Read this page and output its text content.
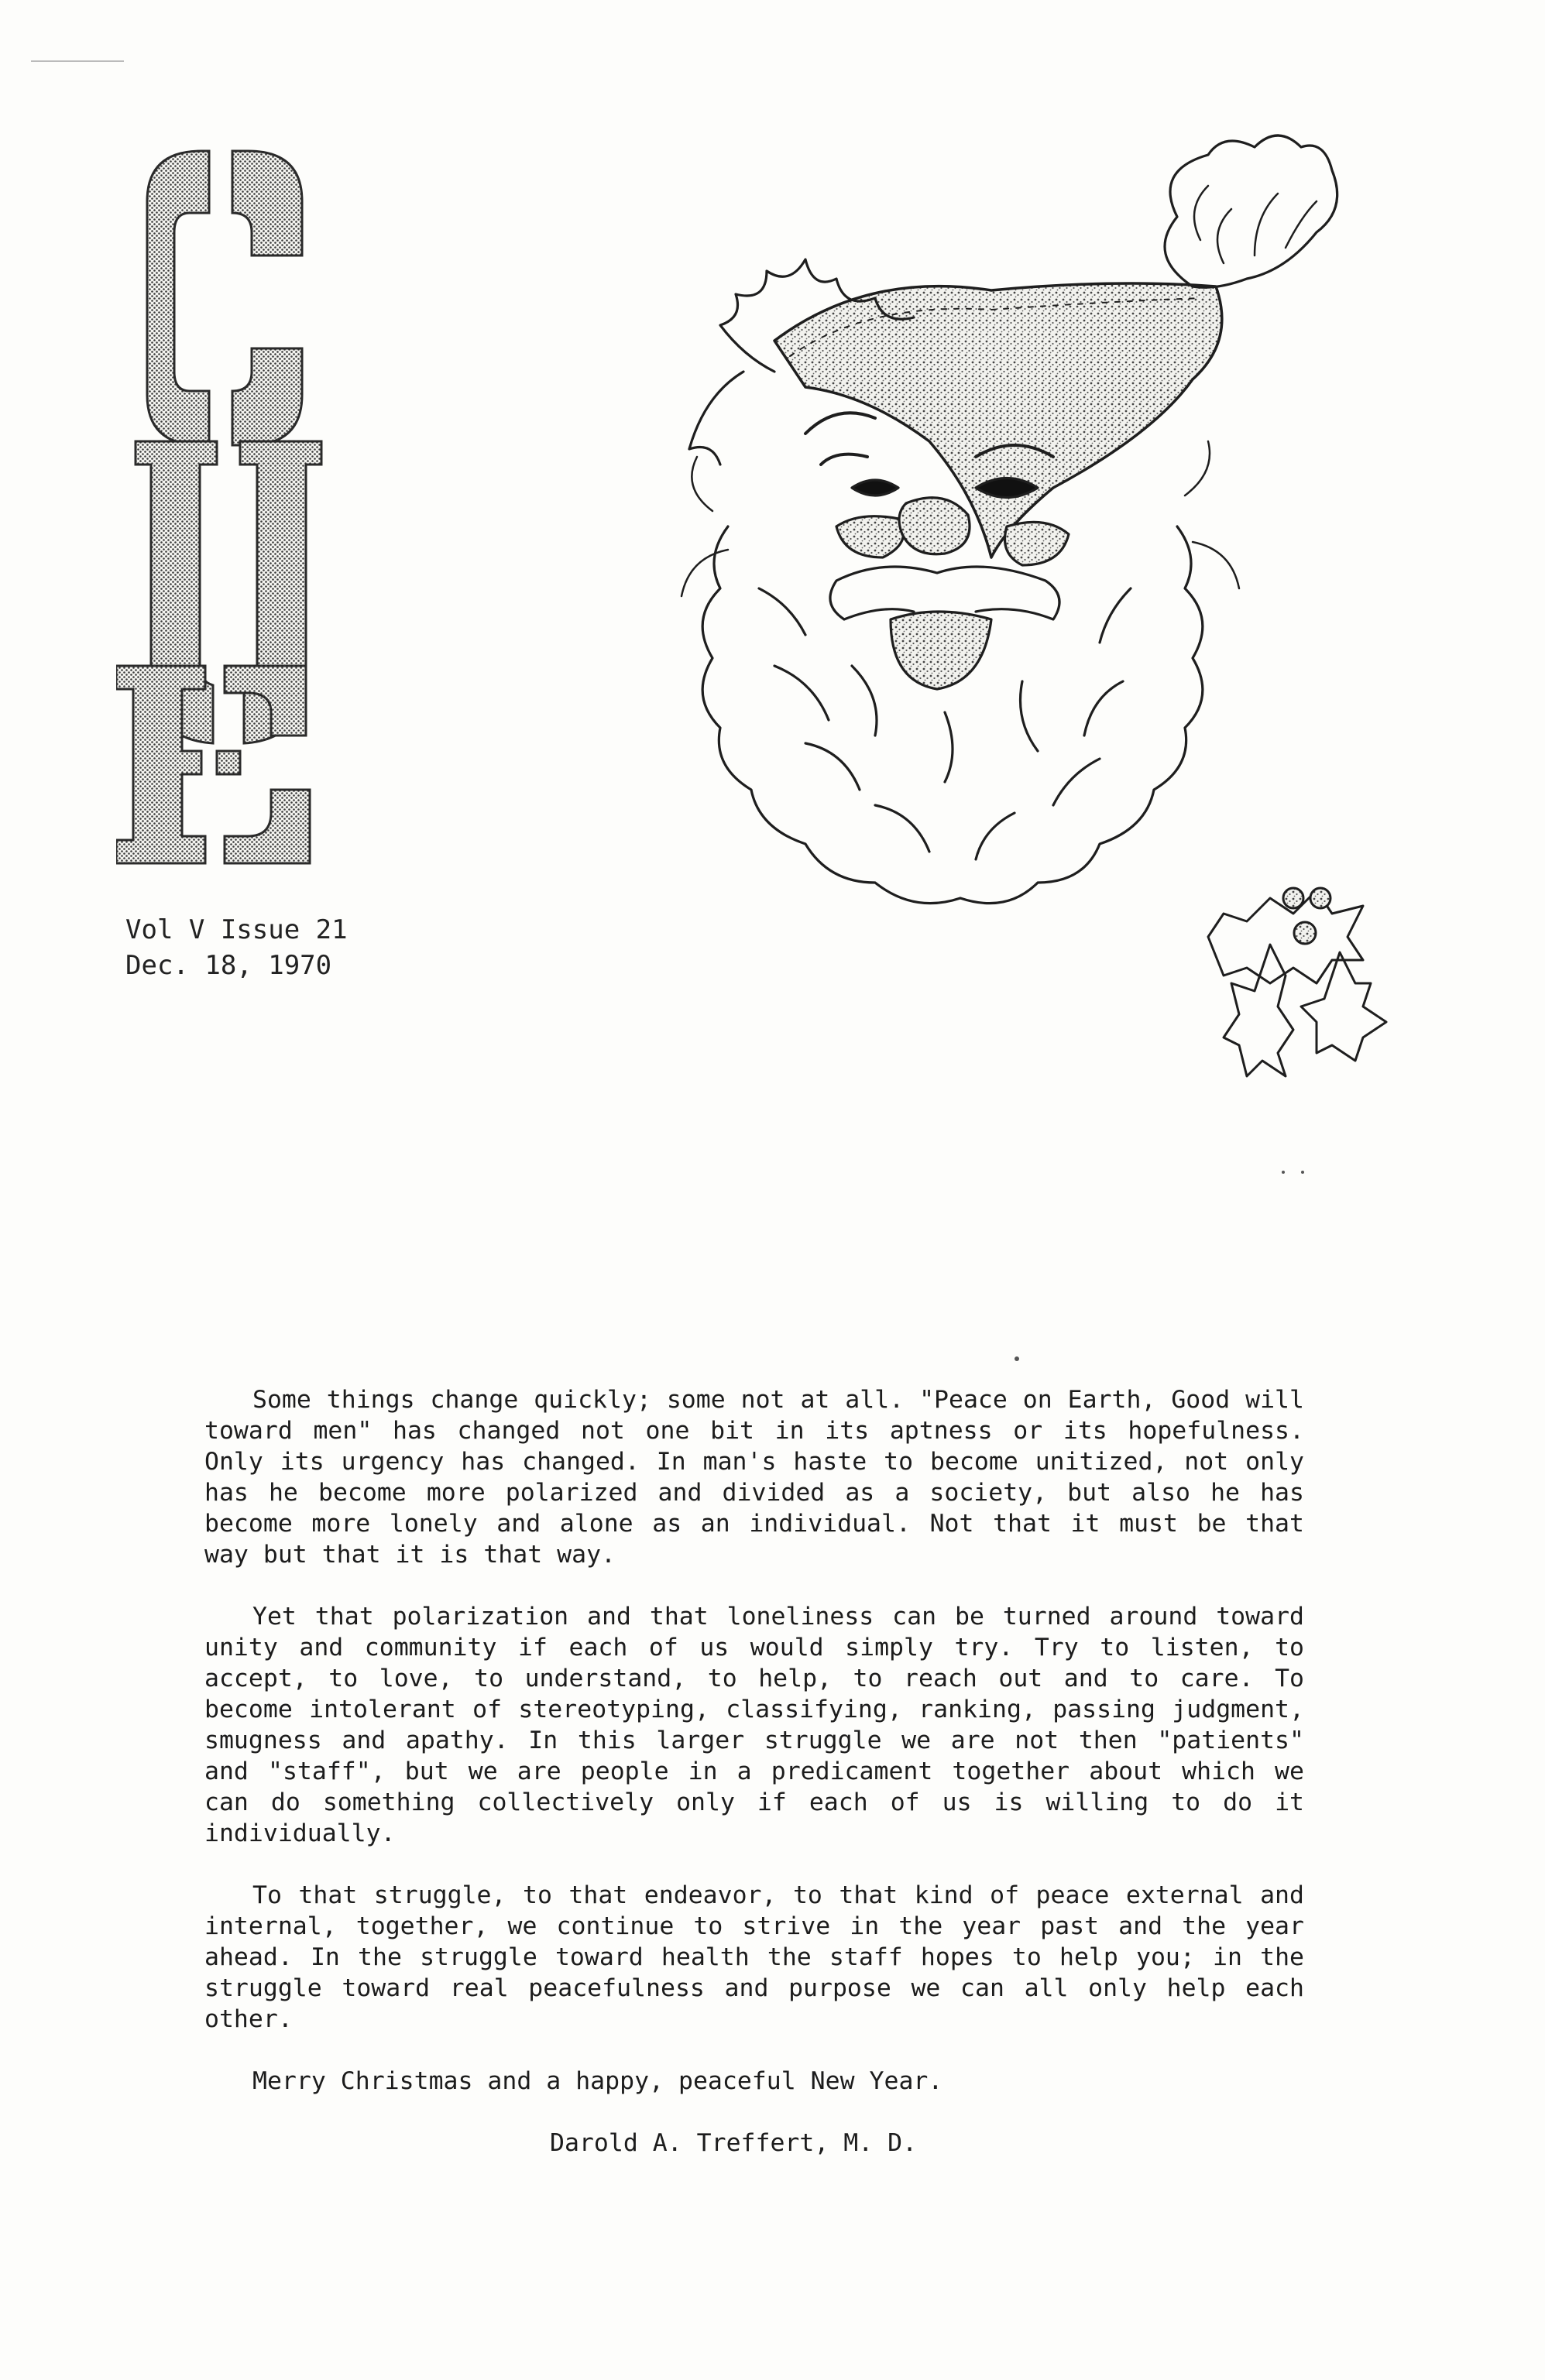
Vol V Issue 21
Dec. 18, 1970

Some things change quickly; some not at all. "Peace on Earth, Good will toward men" has changed not one bit in its aptness or its hopefulness. Only its urgency has changed. In man's haste to become unitized, not only has he become more polarized and divided as a society, but also he has become more lonely and alone as an individual. Not that it must be that way but that it is that way.

Yet that polarization and that loneliness can be turned around toward unity and community if each of us would simply try. Try to listen, to accept, to love, to understand, to help, to reach out and to care. To become intolerant of stereotyping, classifying, ranking, passing judgment, smugness and apathy. In this larger struggle we are not then "patients" and "staff", but we are people in a predicament together about which we can do something collectively only if each of us is willing to do it individually.

To that struggle, to that endeavor, to that kind of peace external and internal, together, we continue to strive in the year past and the year ahead. In the struggle toward health the staff hopes to help you; in the struggle toward real peacefulness and purpose we can all only help each other.

Merry Christmas and a happy, peaceful New Year.

Darold A. Treffert, M. D.
